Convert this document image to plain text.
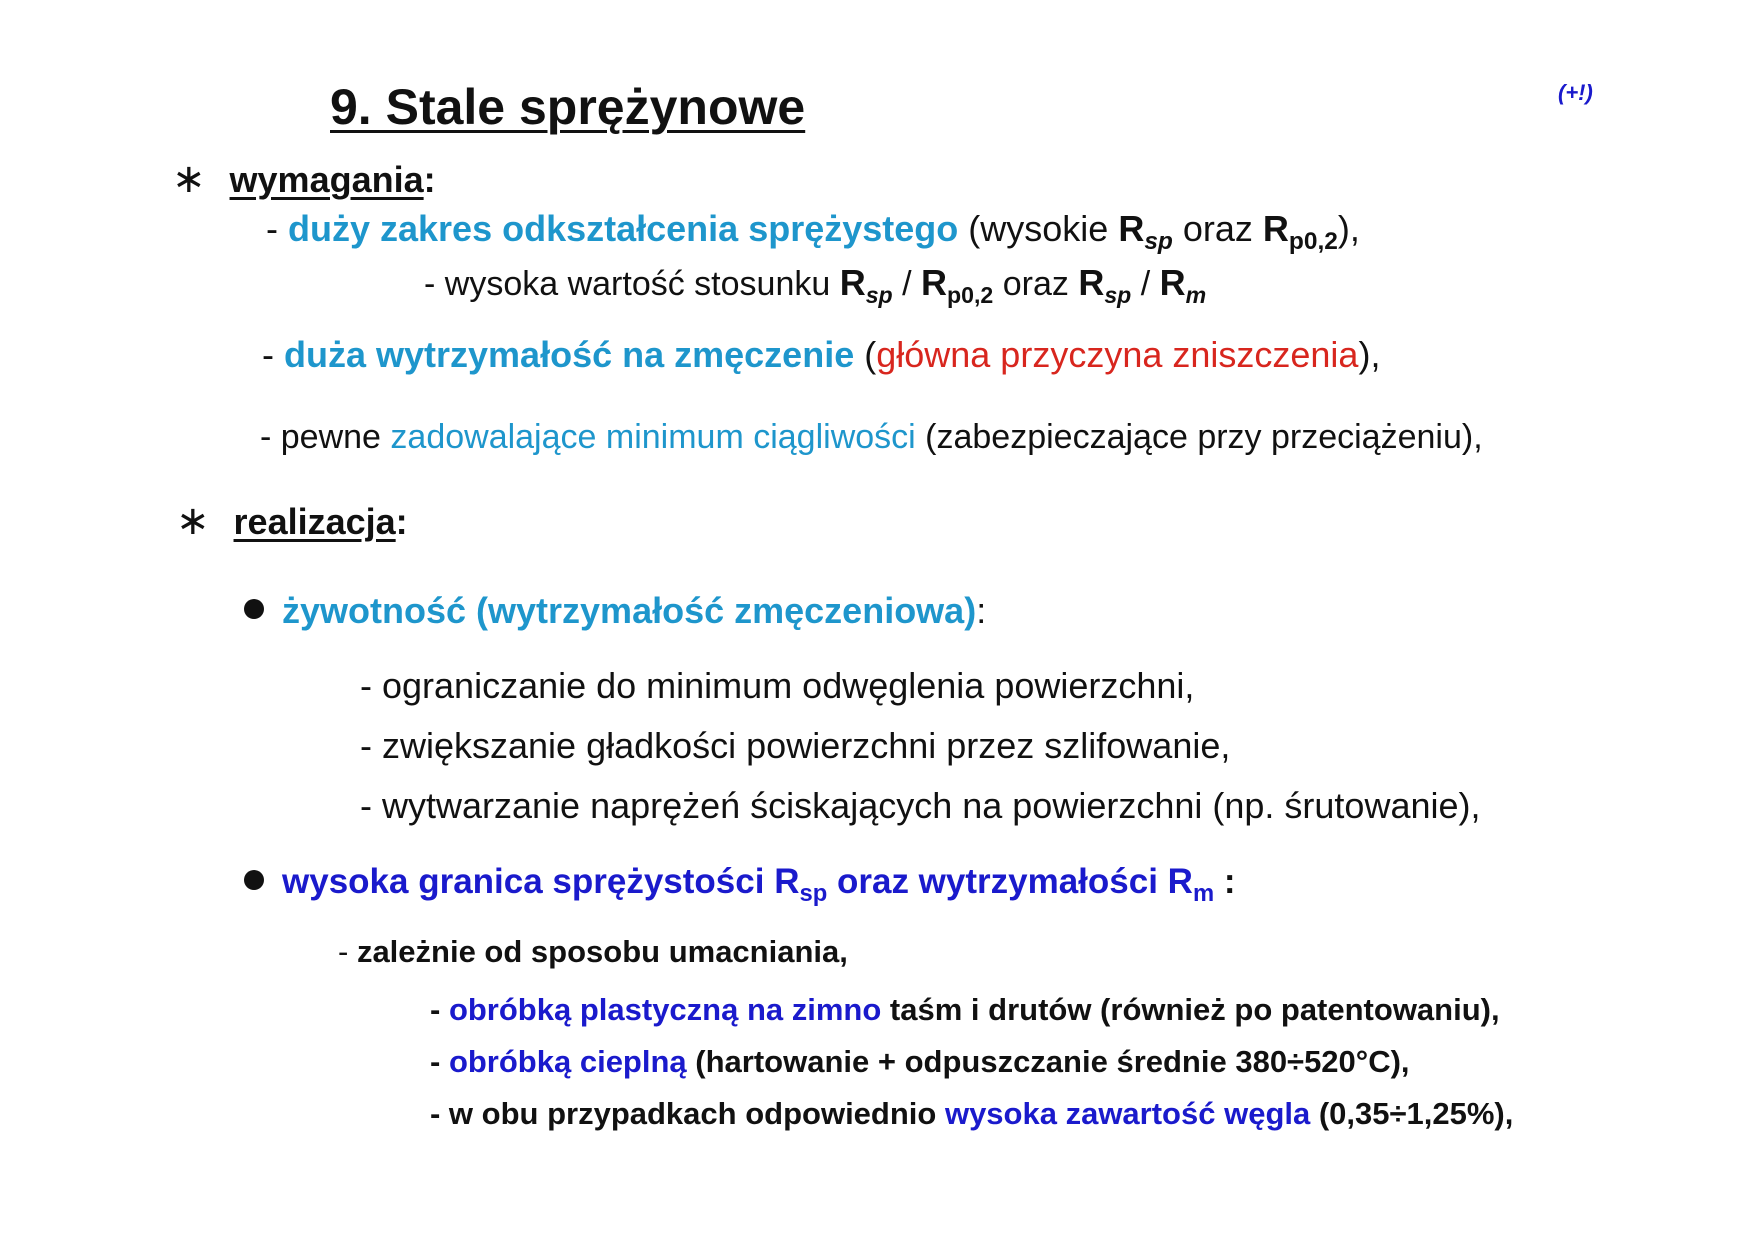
9. Stale sprężynowe	(+!)
∗ wymagania:
- duży zakres odkształcenia sprężystego (wysokie $R_{sp}$ oraz $R_{p0,2}$),
- wysoka wartość stosunku $R_{sp} / R_{p0,2}$ oraz $R_{sp} / R_m$
- duża wytrzymałość na zmęczenie (główna przyczyna zniszczenia),
- pewne zadowalające minimum ciągliwości (zabezpieczające przy przeciążeniu),
∗ realizacja:
żywotność (wytrzymałość zmęczeniowa):
- ograniczanie do minimum odwęglenia powierzchni,
- zwiększanie gładkości powierzchni przez szlifowanie,
- wytwarzanie naprężeń ściskających na powierzchni (np. śrutowanie),
wysoka granica sprężystości $R_{sp}$ oraz wytrzymałości $R_m$ :
- zależnie od sposobu umacniania,
- obróbką plastyczną na zimno taśm i drutów (również po patentowaniu),
- obróbką cieplną (hartowanie + odpuszczanie średnie 380÷520°C),
- w obu przypadkach odpowiednio wysoka zawartość węgla (0,35÷1,25%),
